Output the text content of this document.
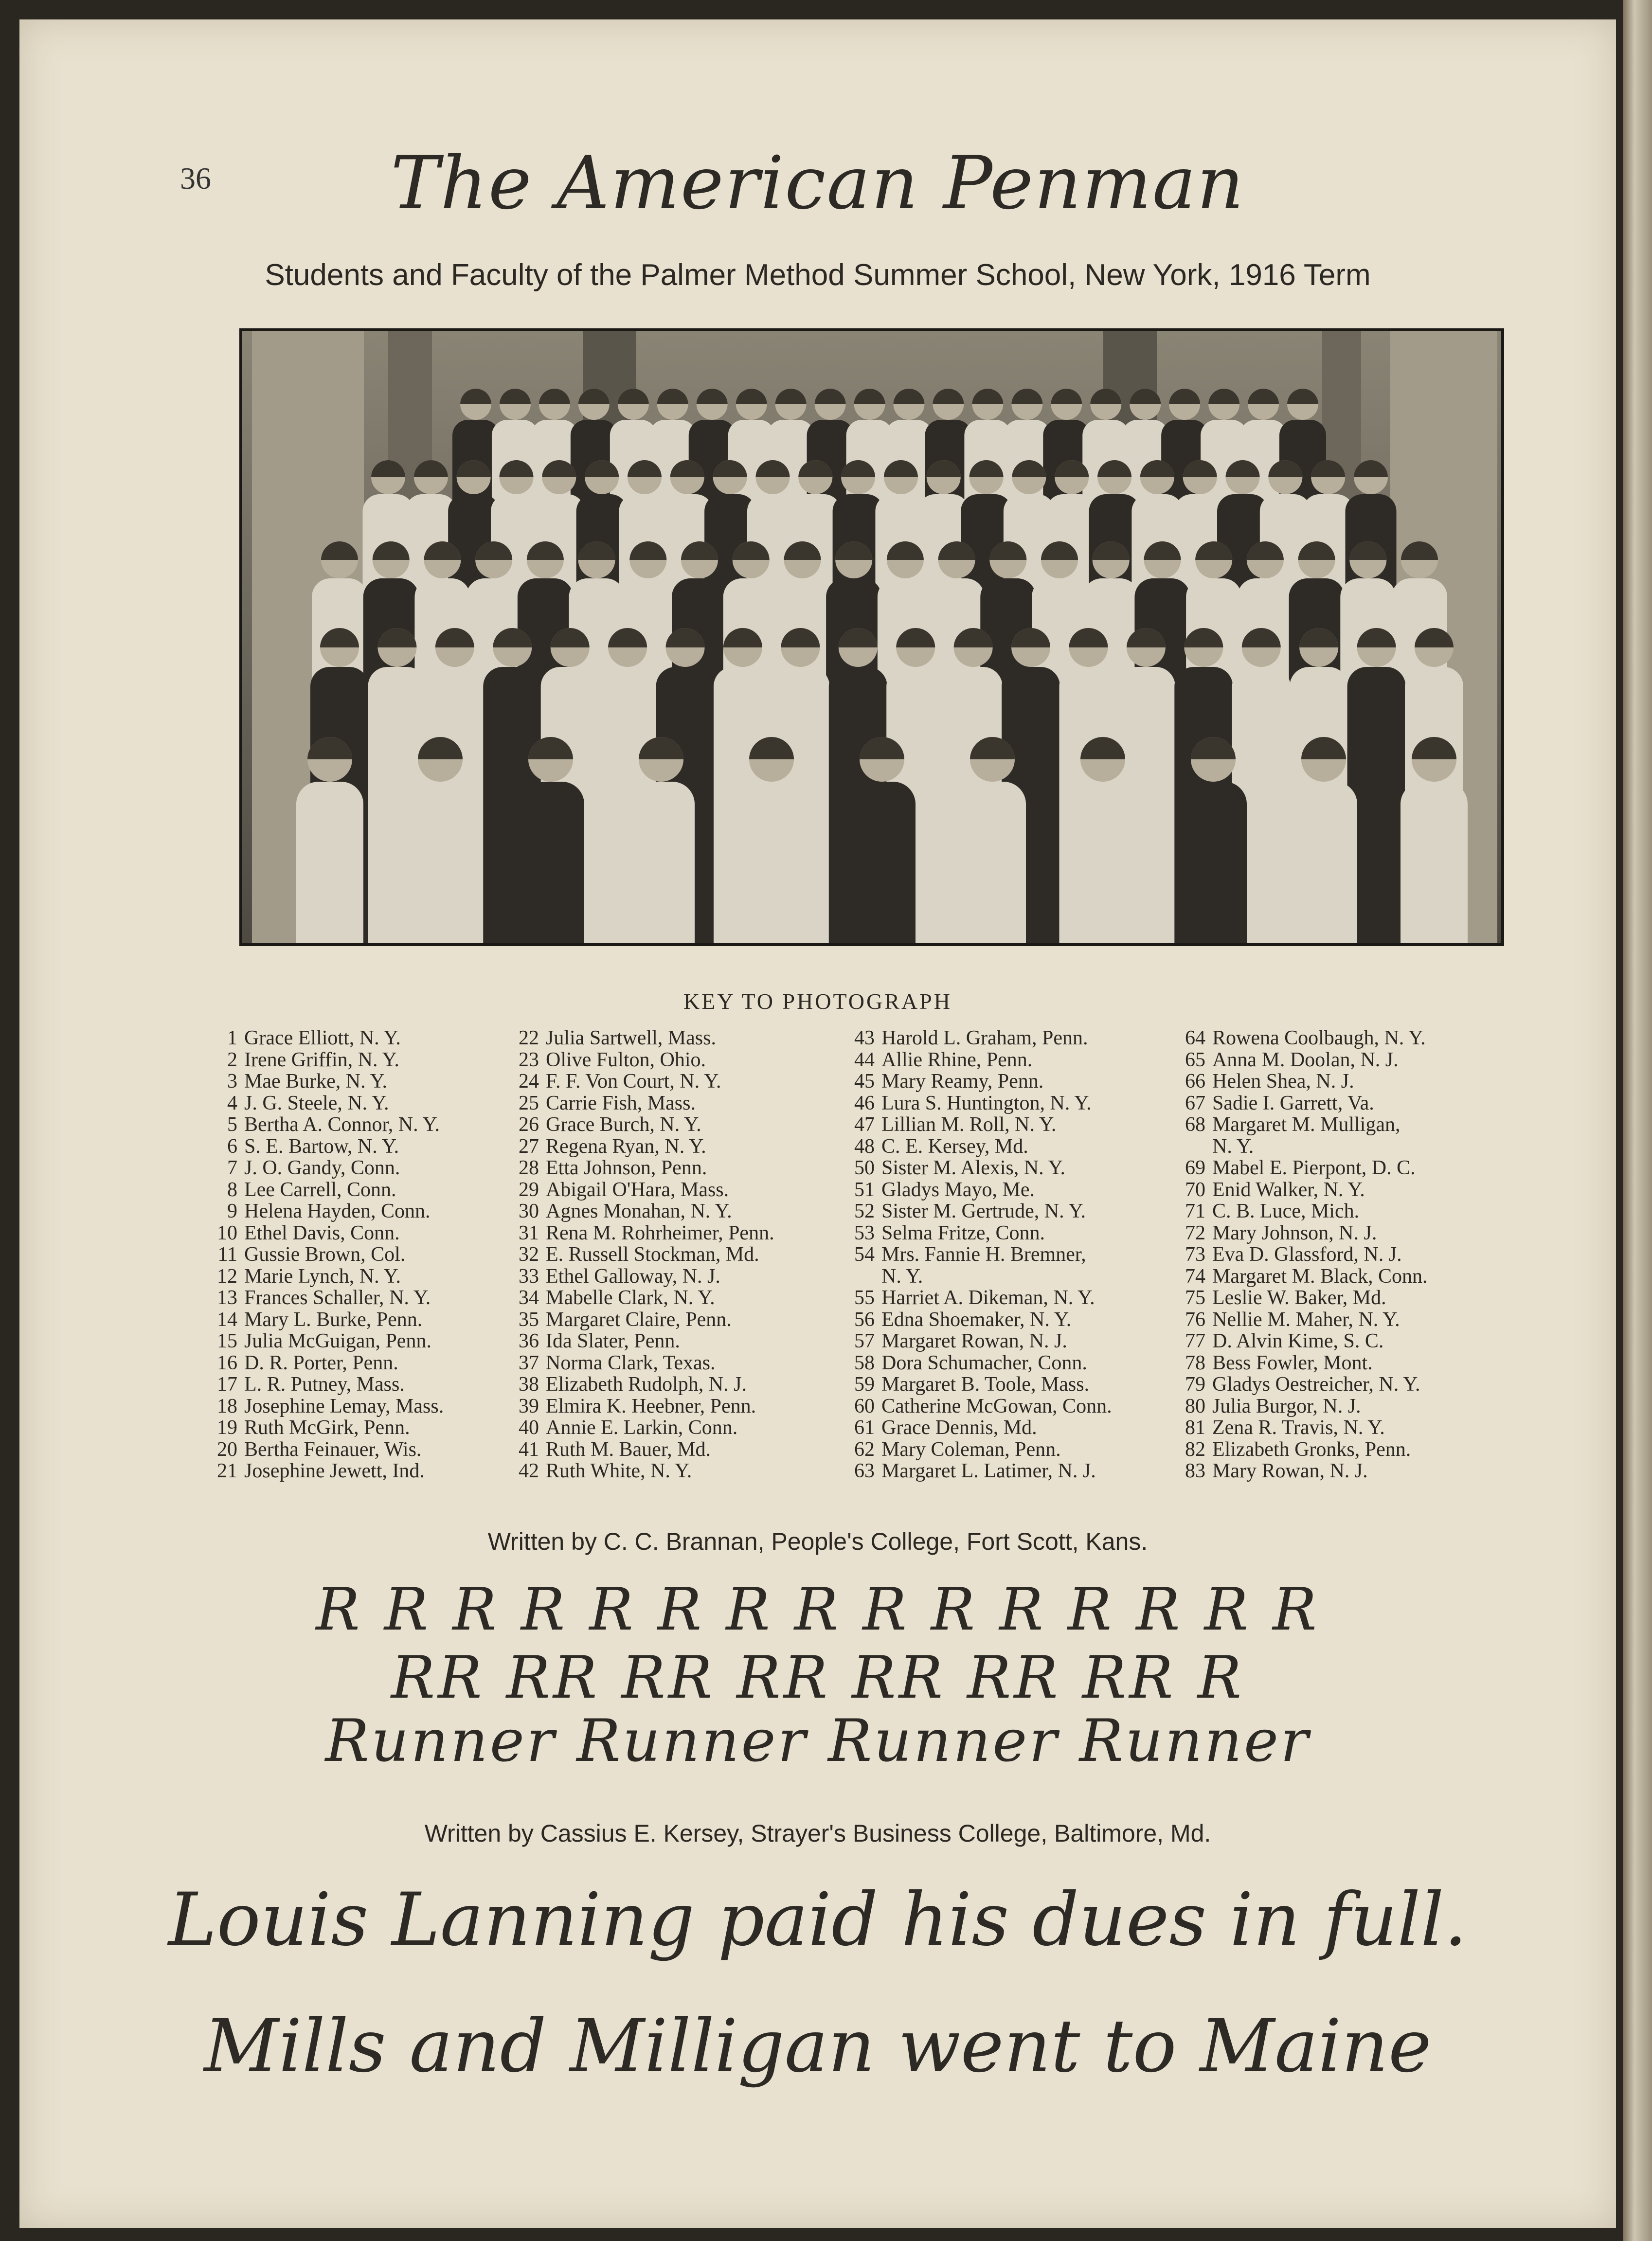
36	The American Penman
Students and Faculty of the Palmer Method Summer School, New York, 1916 Term
KEY TO PHOTOGRAPH
1 Grace Elliott, N. Y.
2 Irene Griffin, N. Y.
3 Mae Burke, N. Y.
4 J. G. Steele, N. Y.
5 Bertha A. Connor, N. Y.
6 S. E. Bartow, N. Y.
7 J. O. Gandy, Conn.
8 Lee Carrell, Conn.
9 Helena Hayden, Conn.
10 Ethel Davis, Conn.
11 Gussie Brown, Col.
12 Marie Lynch, N. Y.
13 Frances Schaller, N. Y.
14 Mary L. Burke, Penn.
15 Julia McGuigan, Penn.
16 D. R. Porter, Penn.
17 L. R. Putney, Mass.
18 Josephine Lemay, Mass.
19 Ruth McGirk, Penn.
20 Bertha Feinauer, Wis.
21 Josephine Jewett, Ind.
22 Julia Sartwell, Mass.
23 Olive Fulton, Ohio.
24 F. F. Von Court, N. Y.
25 Carrie Fish, Mass.
26 Grace Burch, N. Y.
27 Regena Ryan, N. Y.
28 Etta Johnson, Penn.
29 Abigail O'Hara, Mass.
30 Agnes Monahan, N. Y.
31 Rena M. Rohrheimer, Penn.
32 E. Russell Stockman, Md.
33 Ethel Galloway, N. J.
34 Mabelle Clark, N. Y.
35 Margaret Claire, Penn.
36 Ida Slater, Penn.
37 Norma Clark, Texas.
38 Elizabeth Rudolph, N. J.
39 Elmira K. Heebner, Penn.
40 Annie E. Larkin, Conn.
41 Ruth M. Bauer, Md.
42 Ruth White, N. Y.
43 Harold L. Graham, Penn.
44 Allie Rhine, Penn.
45 Mary Reamy, Penn.
46 Lura S. Huntington, N. Y.
47 Lillian M. Roll, N. Y.
48 C. E. Kersey, Md.
50 Sister M. Alexis, N. Y.
51 Gladys Mayo, Me.
52 Sister M. Gertrude, N. Y.
53 Selma Fritze, Conn.
54 Mrs. Fannie H. Bremner,
N. Y.
55 Harriet A. Dikeman, N. Y.
56 Edna Shoemaker, N. Y.
57 Margaret Rowan, N. J.
58 Dora Schumacher, Conn.
59 Margaret B. Toole, Mass.
60 Catherine McGowan, Conn.
61 Grace Dennis, Md.
62 Mary Coleman, Penn.
63 Margaret L. Latimer, N. J.
64 Rowena Coolbaugh, N. Y.
65 Anna M. Doolan, N. J.
66 Helen Shea, N. J.
67 Sadie I. Garrett, Va.
68 Margaret M. Mulligan,
N. Y.
69 Mabel E. Pierpont, D. C.
70 Enid Walker, N. Y.
71 C. B. Luce, Mich.
72 Mary Johnson, N. J.
73 Eva D. Glassford, N. J.
74 Margaret M. Black, Conn.
75 Leslie W. Baker, Md.
76 Nellie M. Maher, N. Y.
77 D. Alvin Kime, S. C.
78 Bess Fowler, Mont.
79 Gladys Oestreicher, N. Y.
80 Julia Burgor, N. J.
81 Zena R. Travis, N. Y.
82 Elizabeth Gronks, Penn.
83 Mary Rowan, N. J.
Written by C. C. Brannan, People's College, Fort Scott, Kans.
R R R R R R R R R R R R R R R
RR RR RR RR RR RR RR R
Runner Runner Runner Runner
Written by Cassius E. Kersey, Strayer's Business College, Baltimore, Md.
Louis Lanning paid his dues in full.
Mills and Milligan went to Maine
